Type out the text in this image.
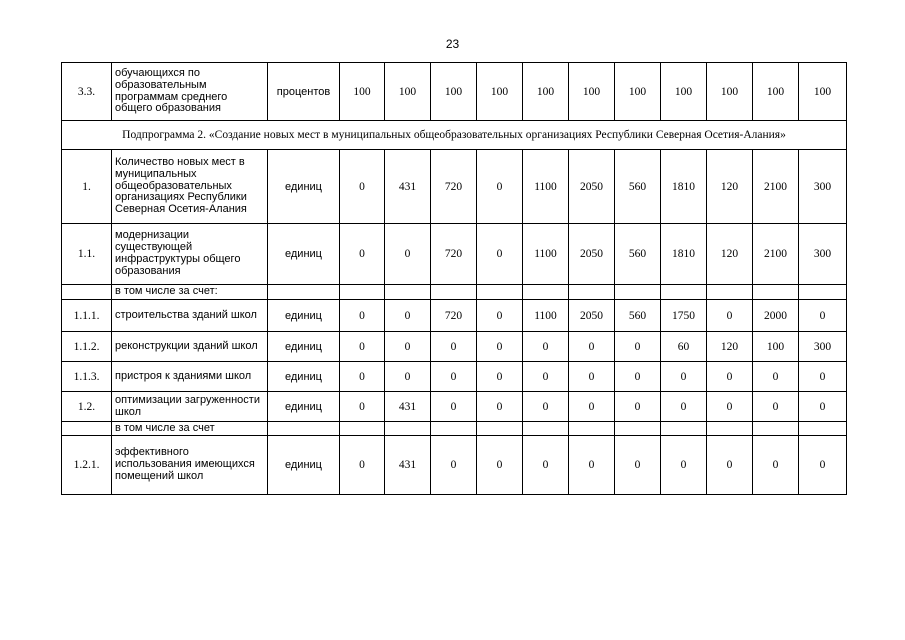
23
3.3.	обучающихся по образовательным программам среднего общего образования	процентов	100	100	100	100	100	100	100	100	100	100	100
Подпрограмма 2. «Создание новых мест в муниципальных общеобразовательных организациях Республики Северная Осетия-Алания»													
1.	Количество новых мест в муниципальных общеобразовательных организациях Республики Северная Осетия-Алания	единиц	0	431	720	0	1100	2050	560	1810	120	2100	300
1.1.	модернизации существующей инфраструктуры общего образования	единиц	0	0	720	0	1100	2050	560	1810	120	2100	300
	в том числе за счет:												
1.1.1.	строительства зданий школ	единиц	0	0	720	0	1100	2050	560	1750	0	2000	0
1.1.2.	реконструкции зданий школ	единиц	0	0	0	0	0	0	0	60	120	100	300
1.1.3.	пристроя к зданиями школ	единиц	0	0	0	0	0	0	0	0	0	0	0
1.2.	оптимизации загруженности школ	единиц	0	431	0	0	0	0	0	0	0	0	0
	в том числе за счет												
1.2.1.	эффективного использования имеющихся помещений школ	единиц	0	431	0	0	0	0	0	0	0	0	0
